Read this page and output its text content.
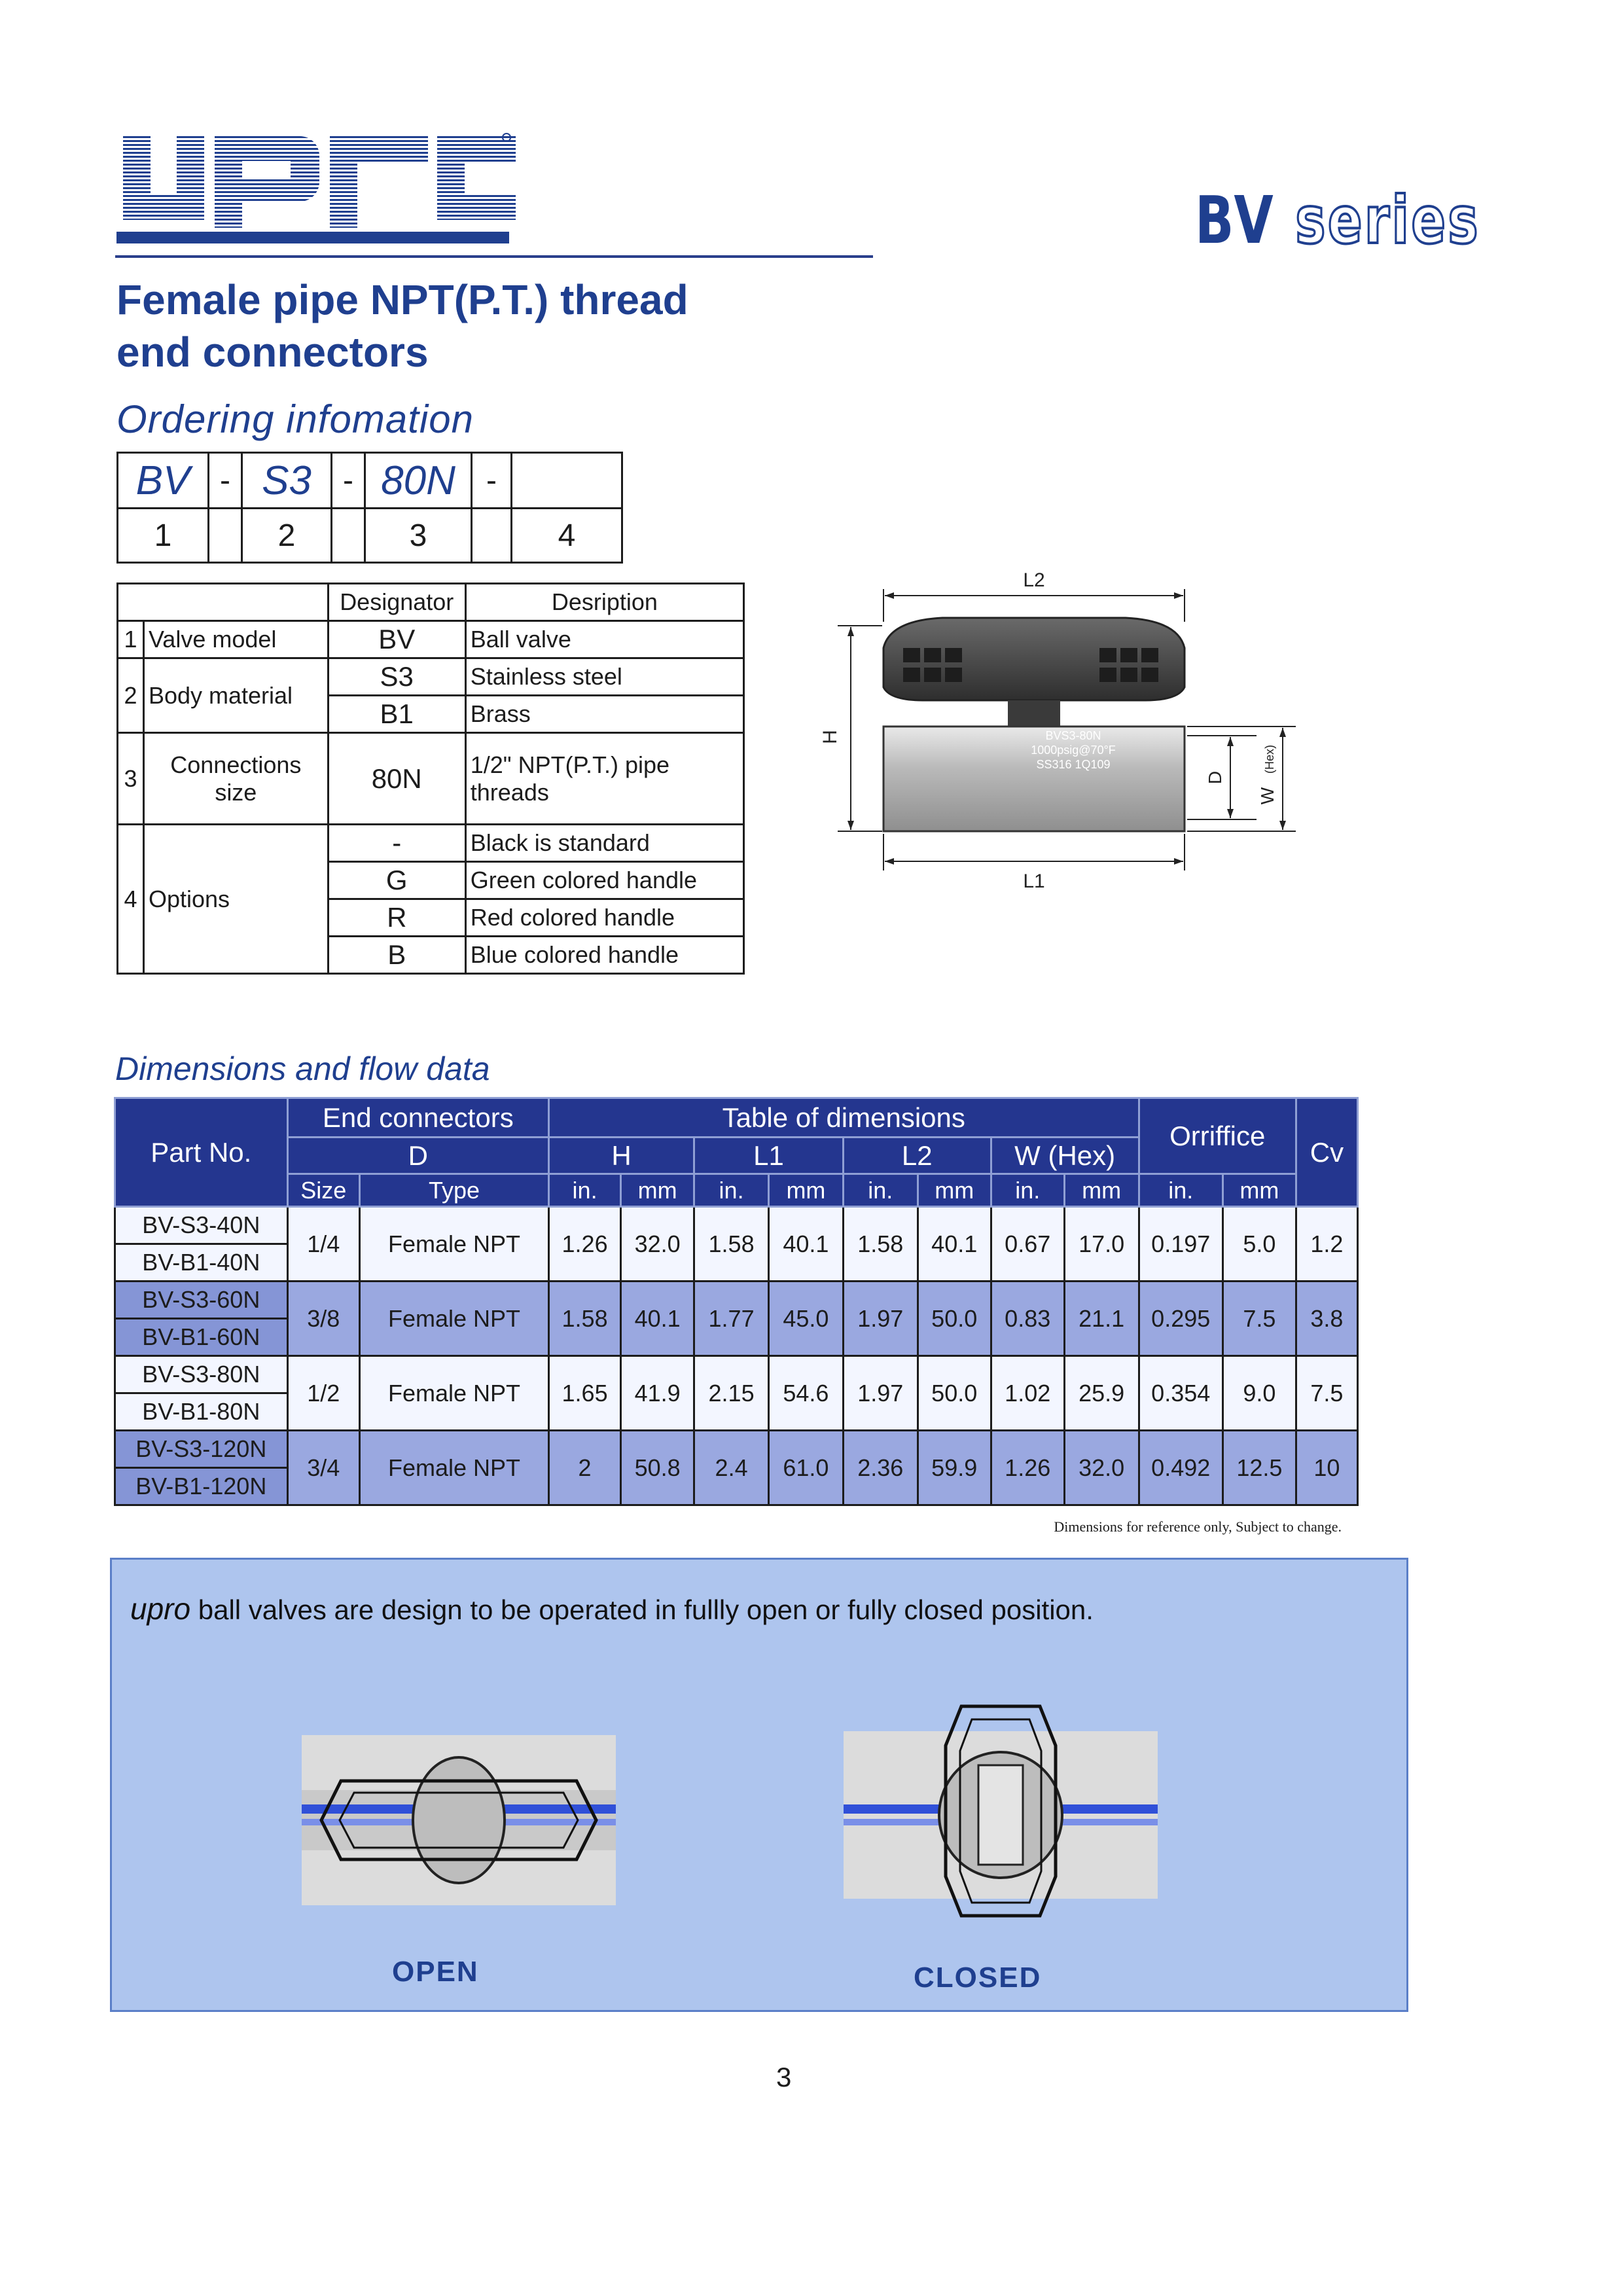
BV series
Female pipe NPT(P.T.) thread
end connectors
Ordering infomation
BV	-	S3	-	80N	-	
1		2		3		4
		Designator	Desription
1	Valve model	BV	Ball valve
2	Body material	S3	Stainless steel
		B1	Brass
3	Connections size	80N	1/2" NPT(P.T.) pipe threads
4	Options	-	Black is standard
		G	Green colored handle
		R	Red colored handle
		B	Blue colored handle
L2
BVS3-80N
1000psig@70°F
SS316 1Q109
H
L1
D
W
(Hex)
Dimensions and flow data
Part No.	End connectors		Table of dimensions								Orriffice		Cv
	D		H		L1		L2		W (Hex)				
	Size	Type	in.	mm	in.	mm	in.	mm	in.	mm	in.	mm	
BV-S3-40N	1/4	Female NPT	1.26	32.0	1.58	40.1	1.58	40.1	0.67	17.0	0.197	5.0	1.2
BV-B1-40N													
BV-S3-60N	3/8	Female NPT	1.58	40.1	1.77	45.0	1.97	50.0	0.83	21.1	0.295	7.5	3.8
BV-B1-60N													
BV-S3-80N	1/2	Female NPT	1.65	41.9	2.15	54.6	1.97	50.0	1.02	25.9	0.354	9.0	7.5
BV-B1-80N													
BV-S3-120N	3/4	Female NPT	2	50.8	2.4	61.0	2.36	59.9	1.26	32.0	0.492	12.5	10
BV-B1-120N													
Dimensions for reference only, Subject to change.
upro ball valves are design to be operated in fullly open or fully closed position.
OPEN	CLOSED
3
